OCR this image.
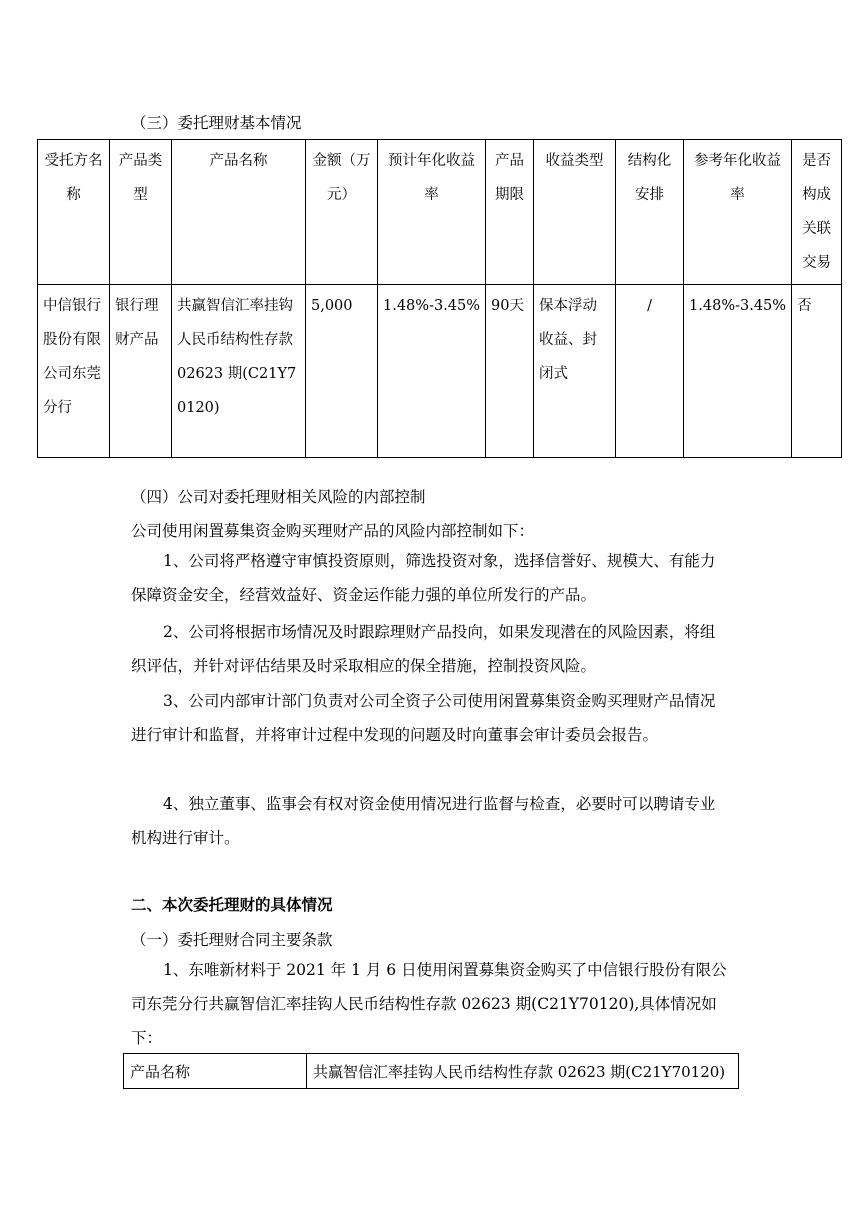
（三）委托理财基本情况
受托方名称	产品类型	产品名称	金额（万元）	预计年化收益率	产品期限	收益类型	结构化安排	参考年化收益率	是否构成关联交易

中信银行股份有限公司东莞分行	银行理财产品	共赢智信汇率挂钩人民币结构性存款 02623 期(C21Y70120)	5,000	1.48%-3.45%	90天	保本浮动收益、封闭式	/	1.48%-3.45%	否
（四）公司对委托理财相关风险的内部控制
公司使用闲置募集资金购买理财产品的风险内部控制如下：
1、公司将严格遵守审慎投资原则，筛选投资对象，选择信誉好、规模大、有能力保障资金安全，经营效益好、资金运作能力强的单位所发行的产品。
2、公司将根据市场情况及时跟踪理财产品投向，如果发现潜在的风险因素，将组织评估，并针对评估结果及时采取相应的保全措施，控制投资风险。
3、公司内部审计部门负责对公司全资子公司使用闲置募集资金购买理财产品情况进行审计和监督，并将审计过程中发现的问题及时向董事会审计委员会报告。
4、独立董事、监事会有权对资金使用情况进行监督与检查，必要时可以聘请专业机构进行审计。
二、本次委托理财的具体情况
（一）委托理财合同主要条款
1、东唯新材料于 2021 年 1 月 6 日使用闲置募集资金购买了中信银行股份有限公司东莞分行共赢智信汇率挂钩人民币结构性存款 02623 期(C21Y70120),具体情况如下：
产品名称	共赢智信汇率挂钩人民币结构性存款 02623 期(C21Y70120)
